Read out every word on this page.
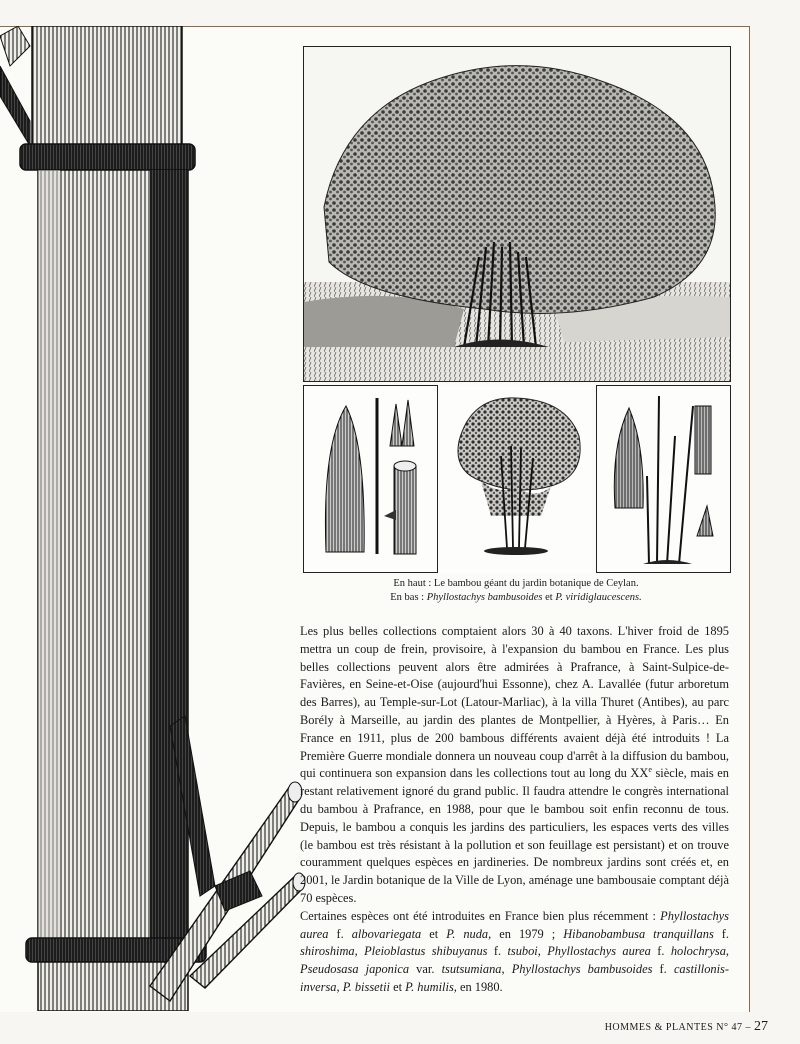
En haut : Le bambou géant du jardin botanique de Ceylan.
En bas : Phyllostachys bambusoides et P. viridiglaucescens.

Les plus belles collections comptaient alors 30 à 40 taxons. L'hiver froid de 1895 mettra un coup de frein, provisoire, à l'expansion du bambou en France. Les plus belles collections peuvent alors être admirées à Prafrance, à Saint-Sulpice-de-Favières, en Seine-et-Oise (aujourd'hui Essonne), chez A. Lavallée (futur arboretum des Barres), au Temple-sur-Lot (Latour-Marliac), à la villa Thuret (Antibes), au parc Borély à Marseille, au jardin des plantes de Montpellier, à Hyères, à Paris… En France en 1911, plus de 200 bambous différents avaient déjà été introduits ! La Première Guerre mondiale donnera un nouveau coup d'arrêt à la diffusion du bambou, qui continuera son expansion dans les collections tout au long du XXe siècle, mais en restant relativement ignoré du grand public. Il faudra attendre le congrès international du bambou à Prafrance, en 1988, pour que le bambou soit enfin reconnu de tous. Depuis, le bambou a conquis les jardins des particuliers, les espaces verts des villes (le bambou est très résistant à la pollution et son feuillage est persistant) et on trouve couramment quelques espèces en jardineries. De nombreux jardins sont créés et, en 2001, le Jardin botanique de la Ville de Lyon, aménage une bambousaie comptant déjà 70 espèces.

Certaines espèces ont été introduites en France bien plus récemment : Phyllostachys aurea f. albovariegata et P. nuda, en 1979 ; Hibanobambusa tranquillans f. shiroshima, Pleioblastus shibuyanus f. tsuboi, Phyllostachys aurea f. holochrysa, Pseudosasa japonica var. tsutsumiana, Phyllostachys bambusoides f. castillonis-inversa, P. bissetii et P. humilis, en 1980.

HOMMES & PLANTES N° 47 – 27
